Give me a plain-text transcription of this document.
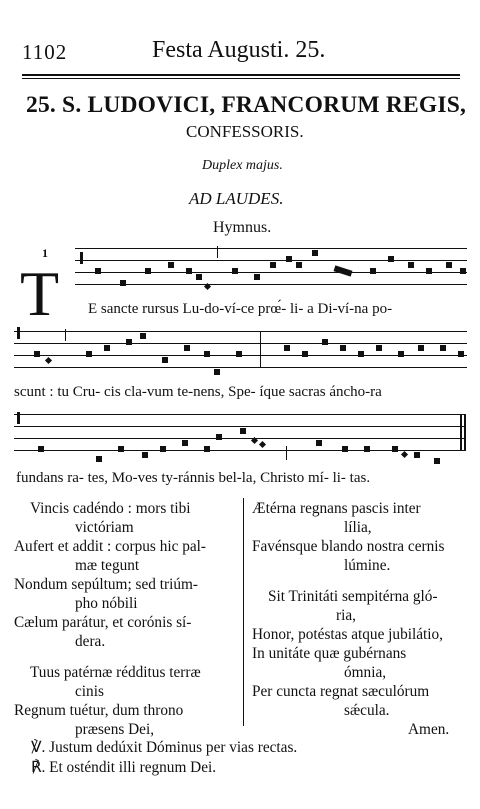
1102	Festa Augusti. 25.
25. S. LUDOVICI, FRANCORUM REGIS,
CONFESSORIS.
Duplex majus.
AD LAUDES.
Hymnus.
1
T E sancte rursus Lu-do-ví-ce prœ́- li- a Di-ví-na po-
scunt : tu Cru- cis cla-vum te-nens, Spe- íque sacras áncho-ra
fundans ra- tes, Mo-ves ty-ránnis bel-la, Christo mí- li- tas.
Vincis cadéndo : mors tibi
victóriam
Aufert et addit : corpus hic pal-
mæ tegunt
Nondum sepúltum; sed triúm-
pho nóbili
Cælum parátur, et corónis sí-
dera.
Tuus patérnæ rédditus terræ
cinis
Regnum tuétur, dum throno
præsens Dei,
Ætérna regnans pascis inter
lília,
Favénsque blando nostra cernis
lúmine.
Sit Trinitáti sempitérna gló-
ria,
Honor, potéstas atque jubilátio,
In unitáte quæ gubérnans
ómnia,
Per cuncta regnat sæculórum
sǽcula.
Amen.
℣. Justum dedúxit Dóminus per vias rectas.
℟. Et osténdit illi regnum Dei.
